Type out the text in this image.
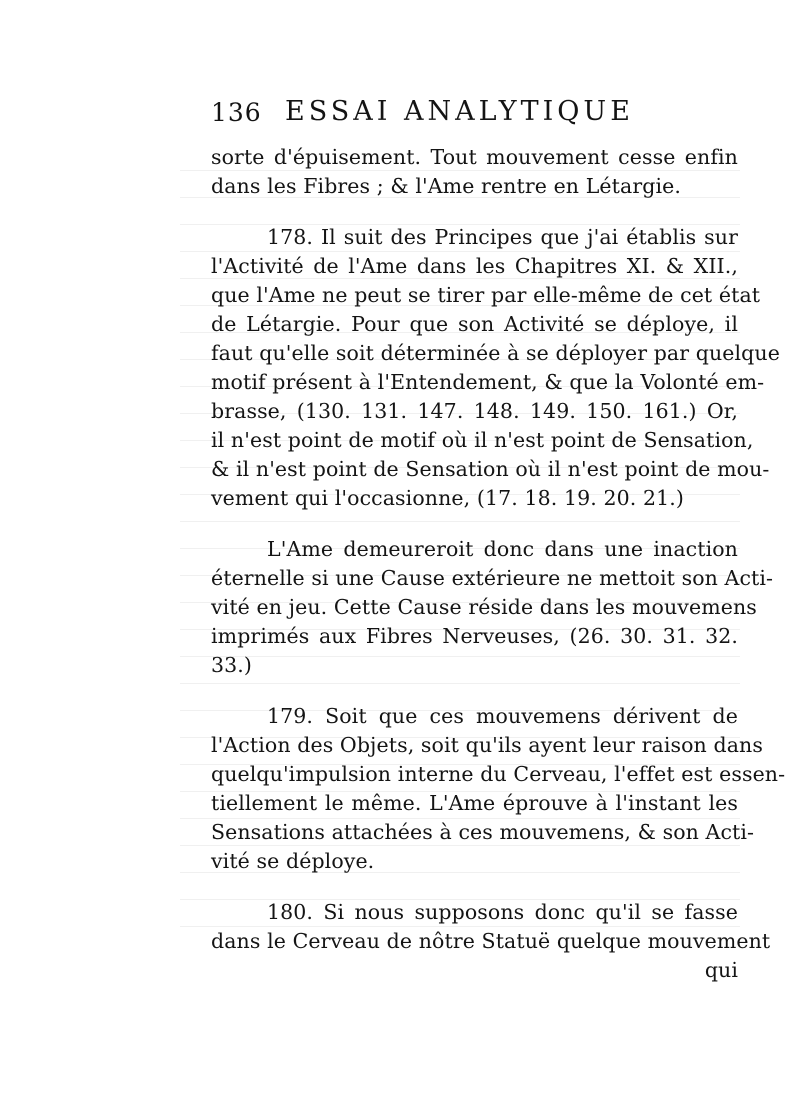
136 ESSAI ANALYTIQUE
sorte d'épuisement. Tout mouvement cesse enfin
dans les Fibres ; & l'Ame rentre en Létargie.
178. Il suit des Principes que j'ai établis sur
l'Activité de l'Ame dans les Chapitres XI. & XII.,
que l'Ame ne peut se tirer par elle-même de cet état
de Létargie. Pour que son Activité se déploye, il
faut qu'elle soit déterminée à se déployer par quelque
motif présent à l'Entendement, & que la Volonté em-
brasse, (130. 131. 147. 148. 149. 150. 161.) Or,
il n'est point de motif où il n'est point de Sensation,
& il n'est point de Sensation où il n'est point de mou-
vement qui l'occasionne, (17. 18. 19. 20. 21.)
L'Ame demeureroit donc dans une inaction
éternelle si une Cause extérieure ne mettoit son Acti-
vité en jeu. Cette Cause réside dans les mouvemens
imprimés aux Fibres Nerveuses, (26. 30. 31. 32.
33.)
179. Soit que ces mouvemens dérivent de
l'Action des Objets, soit qu'ils ayent leur raison dans
quelqu'impulsion interne du Cerveau, l'effet est essen-
tiellement le même. L'Ame éprouve à l'instant les
Sensations attachées à ces mouvemens, & son Acti-
vité se déploye.
180. Si nous supposons donc qu'il se fasse
dans le Cerveau de nôtre Statuë quelque mouvement
qui
